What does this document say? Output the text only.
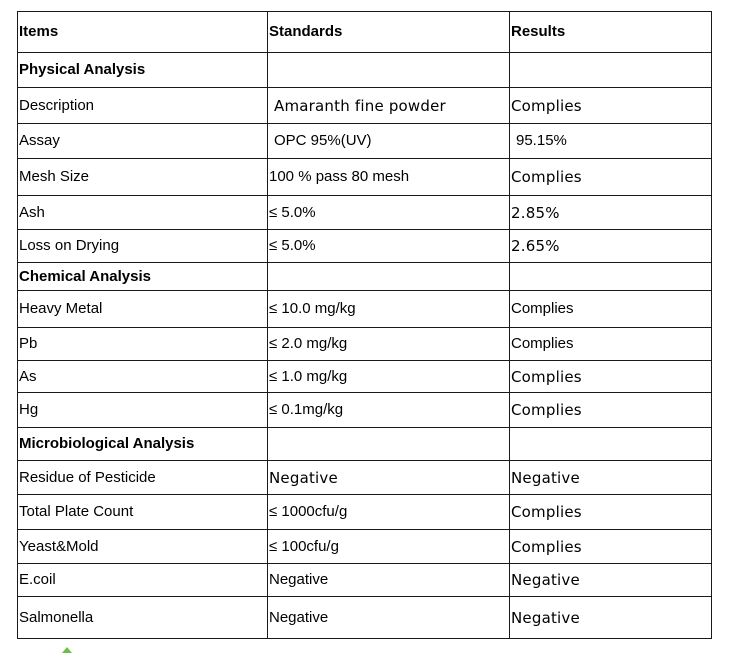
Items	Standards	Results
Physical Analysis		
Description	Amaranth fine powder	Complies
Assay	OPC 95%(UV)	95.15%
Mesh Size	100 % pass 80 mesh	Complies
Ash	≤ 5.0%	2.85%
Loss on Drying	≤ 5.0%	2.65%
Chemical Analysis		
Heavy Metal	≤ 10.0 mg/kg	Complies
Pb	≤ 2.0 mg/kg	Complies
As	≤ 1.0 mg/kg	Complies
Hg	≤ 0.1mg/kg	Complies
Microbiological Analysis		
Residue of Pesticide	Negative	Negative
Total Plate Count	≤ 1000cfu/g	Complies
Yeast&Mold	≤ 100cfu/g	Complies
E.coil	Negative	Negative
Salmonella	Negative	Negative
